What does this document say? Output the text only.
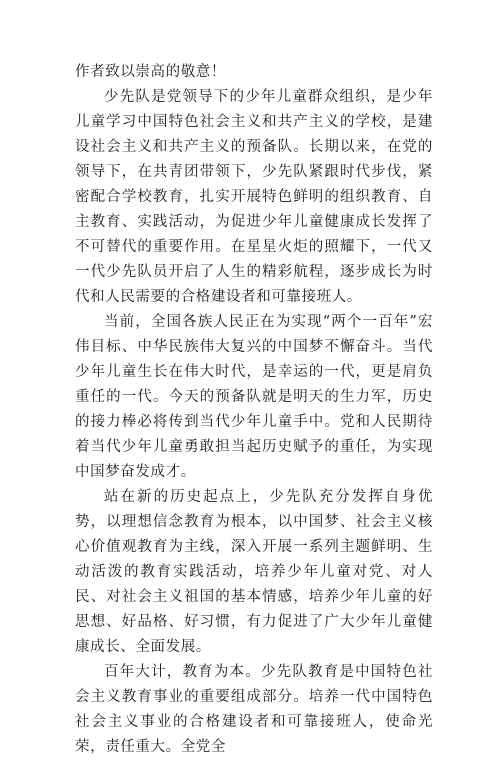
作者致以崇高的敬意！

少先队是党领导下的少年儿童群众组织，是少年儿童学习中国特色社会主义和共产主义的学校，是建设社会主义和共产主义的预备队。长期以来，在党的领导下，在共青团带领下，少先队紧跟时代步伐，紧密配合学校教育，扎实开展特色鲜明的组织教育、自主教育、实践活动，为促进少年儿童健康成长发挥了不可替代的重要作用。在星星火炬的照耀下，一代又一代少先队员开启了人生的精彩航程，逐步成长为时代和人民需要的合格建设者和可靠接班人。

当前，全国各族人民正在为实现“两个一百年”宏伟目标、中华民族伟大复兴的中国梦不懈奋斗。当代少年儿童生长在伟大时代，是幸运的一代，更是肩负重任的一代。今天的预备队就是明天的生力军，历史的接力棒必将传到当代少年儿童手中。党和人民期待着当代少年儿童勇敢担当起历史赋予的重任，为实现中国梦奋发成才。

站在新的历史起点上，少先队充分发挥自身优势，以理想信念教育为根本，以中国梦、社会主义核心价值观教育为主线，深入开展一系列主题鲜明、生动活泼的教育实践活动，培养少年儿童对党、对人民、对社会主义祖国的基本情感，培养少年儿童的好思想、好品格、好习惯，有力促进了广大少年儿童健康成长、全面发展。

百年大计，教育为本。少先队教育是中国特色社会主义教育事业的重要组成部分。培养一代中国特色社会主义事业的合格建设者和可靠接班人，使命光荣，责任重大。全党全
